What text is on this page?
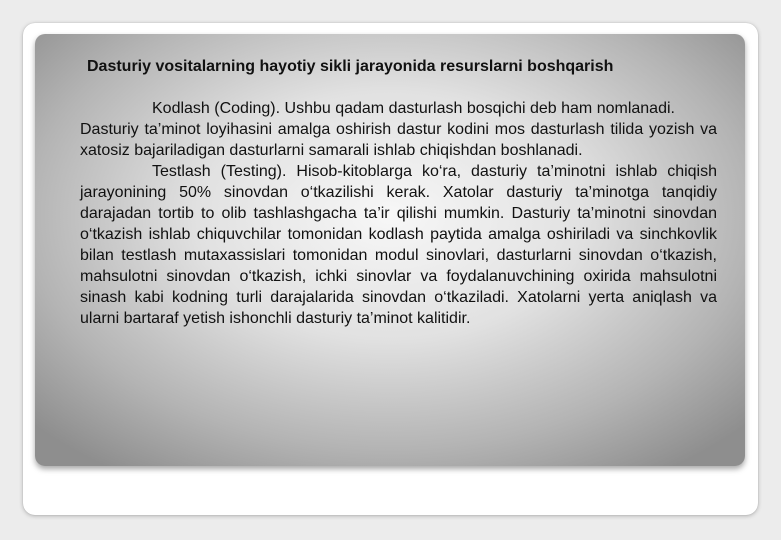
Dasturiy vositalarning hayotiy sikli jarayonida resurslarni boshqarish

Kodlash (Coding). Ushbu qadam dasturlash bosqichi deb ham nomlanadi.

Dasturiy ta’minot loyihasini amalga oshirish dastur kodini mos dasturlash tilida yozish va xatosiz bajariladigan dasturlarni samarali ishlab chiqishdan boshlanadi.

Testlash (Testing). Hisob-kitoblarga ko‘ra, dasturiy ta’minotni ishlab chiqish jarayonining 50% sinovdan o‘tkazilishi kerak. Xatolar dasturiy ta’minotga tanqidiy darajadan tortib to olib tashlashgacha ta’ir qilishi mumkin. Dasturiy ta’minotni sinovdan o‘tkazish ishlab chiquvchilar tomonidan kodlash paytida amalga oshiriladi va sinchkovlik bilan testlash mutaxassislari tomonidan modul sinovlari, dasturlarni sinovdan o‘tkazish, mahsulotni sinovdan o‘tkazish, ichki sinovlar va foydalanuvchining oxirida mahsulotni sinash kabi kodning turli darajalarida sinovdan o‘tkaziladi. Xatolarni yerta aniqlash va ularni bartaraf yetish ishonchli dasturiy ta’minot kalitidir.
